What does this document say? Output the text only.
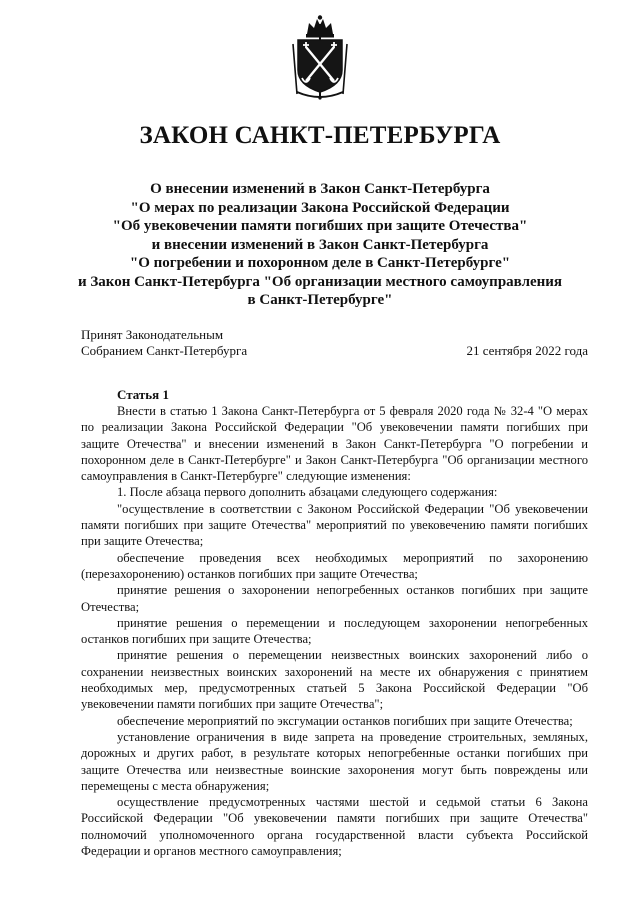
ЗАКОН САНКТ-ПЕТЕРБУРГА
О внесении изменений в Закон Санкт-Петербурга
"О мерах по реализации Закона Российской Федерации
"Об увековечении памяти погибших при защите Отечества"
и внесении изменений в Закон Санкт-Петербурга
"О погребении и похоронном деле в Санкт-Петербурге"
и Закон Санкт-Петербурга "Об организации местного самоуправления
в Санкт-Петербурге"
Принят Законодательным
Собранием Санкт-Петербурга	21 сентября 2022 года
Статья 1

Внести в статью 1 Закона Санкт-Петербурга от 5 февраля 2020 года № 32-4 "О мерах по реализации Закона Российской Федерации "Об увековечении памяти погибших при защите Отечества" и внесении изменений в Закон Санкт-Петербурга "О погребении и похоронном деле в Санкт-Петербурге" и Закон Санкт-Петербурга "Об организации местного самоуправления в Санкт-Петербурге" следующие изменения:

1. После абзаца первого дополнить абзацами следующего содержания:

"осуществление в соответствии с Законом Российской Федерации "Об увековечении памяти погибших при защите Отечества" мероприятий по увековечению памяти погибших при защите Отечества;

обеспечение проведения всех необходимых мероприятий по захоронению (перезахоронению) останков погибших при защите Отечества;

принятие решения о захоронении непогребенных останков погибших при защите Отечества;

принятие решения о перемещении и последующем захоронении непогребенных останков погибших при защите Отечества;

принятие решения о перемещении неизвестных воинских захоронений либо о сохранении неизвестных воинских захоронений на месте их обнаружения с принятием необходимых мер, предусмотренных статьей 5 Закона Российской Федерации "Об увековечении памяти погибших при защите Отечества";

обеспечение мероприятий по эксгумации останков погибших при защите Отечества;

установление ограничения в виде запрета на проведение строительных, земляных, дорожных и других работ, в результате которых непогребенные останки погибших при защите Отечества или неизвестные воинские захоронения могут быть повреждены или перемещены с места обнаружения;

осуществление предусмотренных частями шестой и седьмой статьи 6 Закона Российской Федерации "Об увековечении памяти погибших при защите Отечества" полномочий уполномоченного органа государственной власти субъекта Российской Федерации и органов местного самоуправления;
